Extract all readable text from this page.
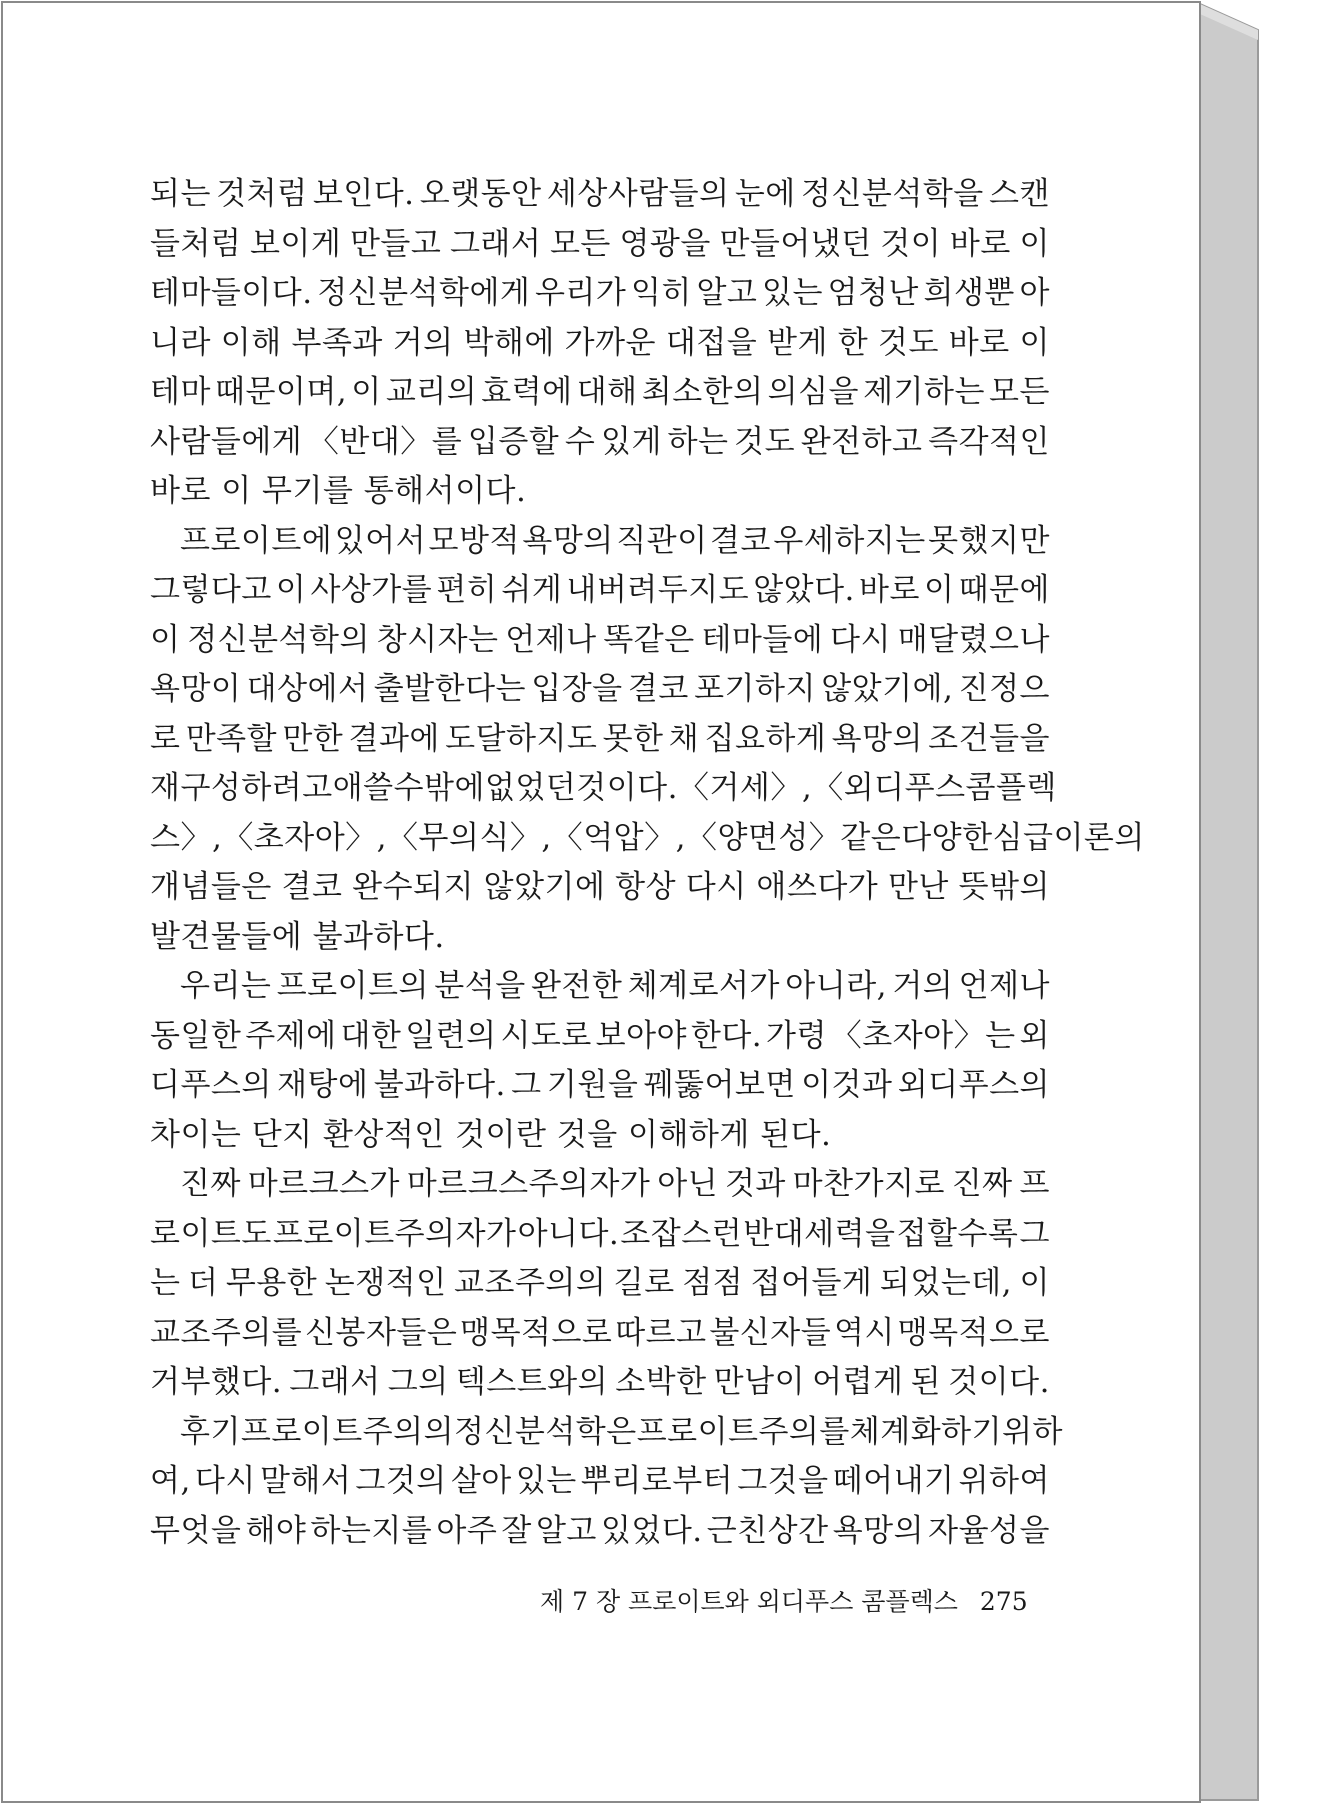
되는 것처럼 보인다. 오랫동안 세상사람들의 눈에 정신분석학을 스캔
들처럼 보이게 만들고 그래서 모든 영광을 만들어냈던 것이 바로 이
테마들이다. 정신분석학에게 우리가 익히 알고 있는 엄청난 희생뿐 아
니라 이해 부족과 거의 박해에 가까운 대접을 받게 한 것도 바로 이
테마 때문이며, 이 교리의 효력에 대해 최소한의 의심을 제기하는 모든
사람들에게 〈반대〉를 입증할 수 있게 하는 것도 완전하고 즉각적인
바로 이 무기를 통해서이다.
프로이트에 있어서 모방적 욕망의 직관이 결코 우세하지는 못했지만
그렇다고 이 사상가를 편히 쉬게 내버려두지도 않았다. 바로 이 때문에
이 정신분석학의 창시자는 언제나 똑같은 테마들에 다시 매달렸으나
욕망이 대상에서 출발한다는 입장을 결코 포기하지 않았기에, 진정으
로 만족할 만한 결과에 도달하지도 못한 채 집요하게 욕망의 조건들을
재구성하려고 애쓸 수밖에 없었던 것이다. 〈거세〉, 〈외디푸스 콤플렉
스〉, 〈초자아〉, 〈무의식〉, 〈억압〉, 〈양면성〉 같은 다양한 심급이론의
개념들은 결코 완수되지 않았기에 항상 다시 애쓰다가 만난 뜻밖의
발견물들에 불과하다.
우리는 프로이트의 분석을 완전한 체계로서가 아니라, 거의 언제나
동일한 주제에 대한 일련의 시도로 보아야 한다. 가령 〈초자아〉는 외
디푸스의 재탕에 불과하다. 그 기원을 꿰뚫어보면 이것과 외디푸스의
차이는 단지 환상적인 것이란 것을 이해하게 된다.
진짜 마르크스가 마르크스주의자가 아닌 것과 마찬가지로 진짜 프
로이트도 프로이트주의자가 아니다. 조잡스런 반대세력을 접할수록 그
는 더 무용한 논쟁적인 교조주의의 길로 점점 접어들게 되었는데, 이
교조주의를 신봉자들은 맹목적으로 따르고 불신자들 역시 맹목적으로
거부했다. 그래서 그의 텍스트와의 소박한 만남이 어렵게 된 것이다.
후기프로이트주의의 정신분석학은 프로이트주의를 체계화하기 위하
여, 다시 말해서 그것의 살아 있는 뿌리로부터 그것을 떼어내기 위하여
무엇을 해야 하는지를 아주 잘 알고 있었다. 근친상간 욕망의 자율성을
제 7 장 프로이트와 외디푸스 콤플렉스 275
